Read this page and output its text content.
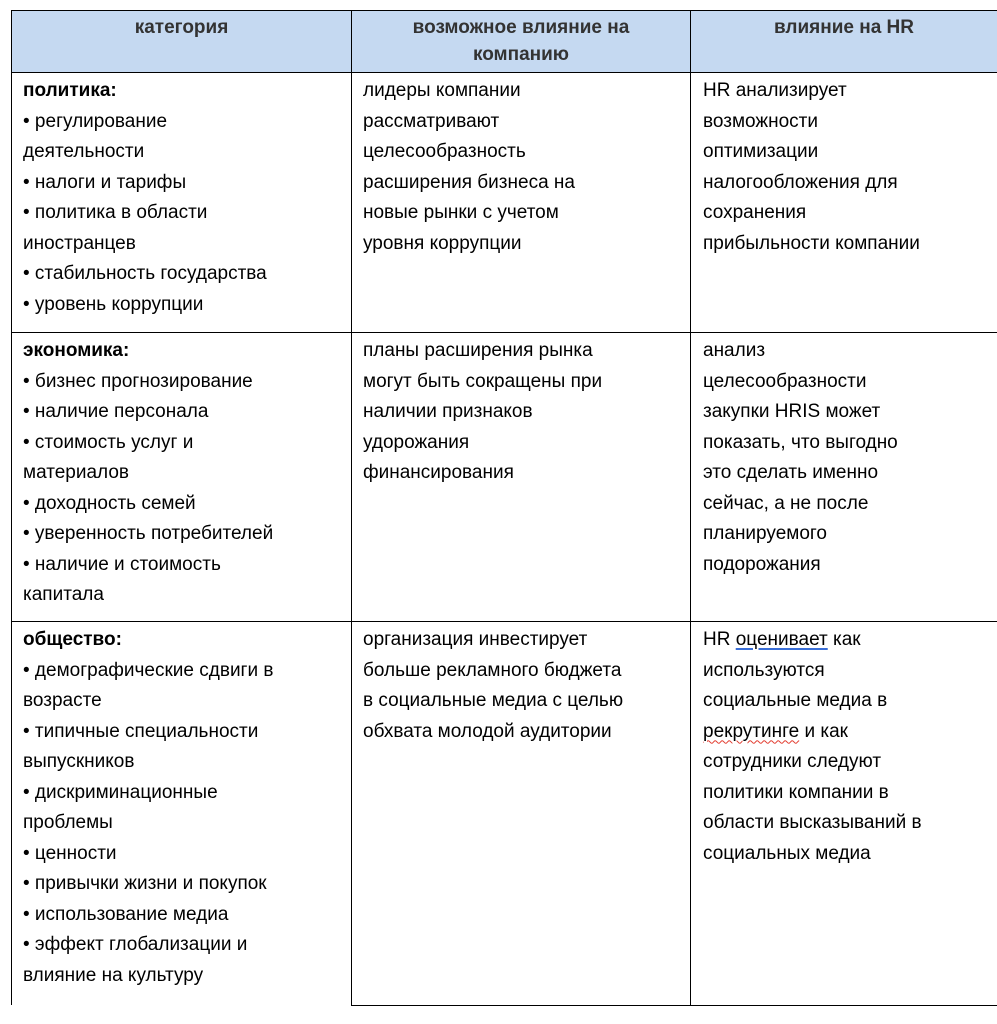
категория	возможное влияние на
компанию
влияние на HR
политика:
• регулирование
деятельности
• налоги и тарифы
• политика в области
иностранцев
• стабильность государства
• уровень коррупции
лидеры компании
рассматривают
целесообразность
расширения бизнеса на
новые рынки с учетом
уровня коррупции
HR анализирует
возможности
оптимизации
налогообложения для
сохранения
прибыльности компании
экономика:
• бизнес прогнозирование
• наличие персонала
• стоимость услуг и
материалов
• доходность семей
• уверенность потребителей
• наличие и стоимость
капитала
планы расширения рынка
могут быть сокращены при
наличии признаков
удорожания
финансирования
анализ
целесообразности
закупки HRIS может
показать, что выгодно
это сделать именно
сейчас, а не после
планируемого
подорожания
общество:
• демографические сдвиги в
возрасте
• типичные специальности
выпускников
• дискриминационные
проблемы
• ценности
• привычки жизни и покупок
• использование медиа
• эффект глобализации и
влияние на культуру
организация инвестирует
больше рекламного бюджета
в социальные медиа с целью
обхвата молодой аудитории
HR оценивает как
используются
социальные медиа в
рекрутинге и как
сотрудники следуют
политики компании в
области высказываний в
социальных медиа
